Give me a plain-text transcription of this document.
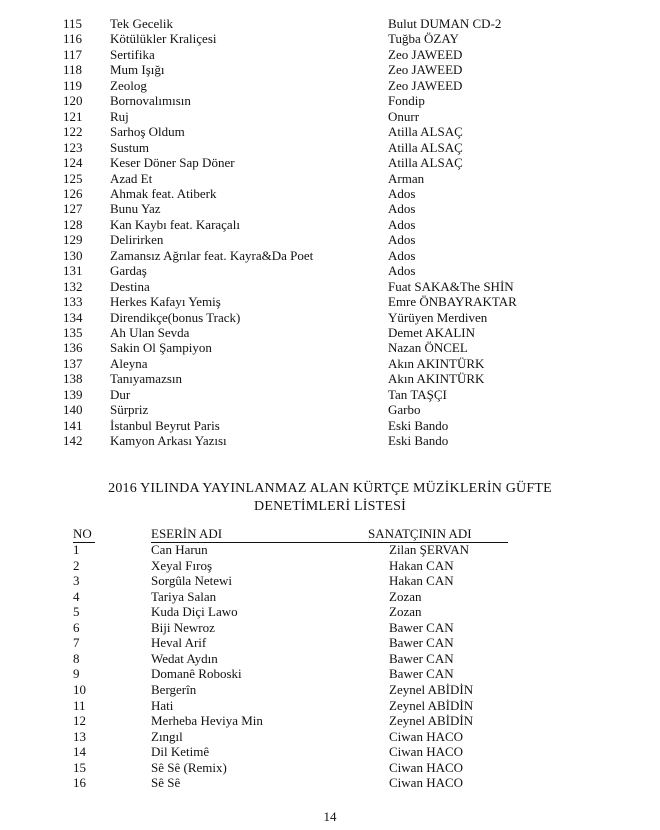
115 Tek Gecelik	Bulut DUMAN CD-2
116 Kötülükler Kraliçesi	Tuğba ÖZAY
117 Sertifika	Zeo JAWEED
118 Mum Işığı	Zeo JAWEED
119 Zeolog	Zeo JAWEED
120 Bornovalımısın	Fondip
121 Ruj	Onurr
122 Sarhoş Oldum	Atilla ALSAÇ
123 Sustum	Atilla ALSAÇ
124 Keser Döner Sap Döner	Atilla ALSAÇ
125 Azad Et	Arman
126 Ahmak feat. Atiberk	Ados
127 Bunu Yaz	Ados
128 Kan Kaybı feat. Karaçalı	Ados
129 Delirirken	Ados
130 Zamansız Ağrılar feat. Kayra&Da Poet	Ados
131 Gardaş	Ados
132 Destina	Fuat SAKA&The SHİN
133 Herkes Kafayı Yemiş	Emre ÖNBAYRAKTAR
134 Direndikçe(bonus Track)	Yürüyen Merdiven
135 Ah Ulan Sevda	Demet AKALIN
136 Sakin Ol Şampiyon	Nazan ÖNCEL
137 Aleyna	Akın AKINTÜRK
138 Tanıyamazsın	Akın AKINTÜRK
139 Dur	Tan TAŞÇI
140 Sürpriz	Garbo
141 İstanbul Beyrut Paris	Eski Bando
142 Kamyon Arkası Yazısı	Eski Bando
2016 YILINDA YAYINLANMAZ ALAN KÜRTÇE MÜZİKLERİN GÜFTE
DENETİMLERİ LİSTESİ
NO	ESERİN ADI	SANATÇININ ADI
1	Can Harun	Zilan ŞERVAN
2	Xeyal Fıroş	Hakan CAN
3	Sorgûla Netewi	Hakan CAN
4	Tariya Salan	Zozan
5	Kuda Diçi Lawo	Zozan
6	Biji Newroz	Bawer CAN
7	Heval Arif	Bawer CAN
8	Wedat Aydın	Bawer CAN
9	Domanê Roboski	Bawer CAN
10	Bergerîn	Zeynel ABİDİN
11	Hati	Zeynel ABİDİN
12	Merheba Heviya Min	Zeynel ABİDİN
13	Zıngıl	Ciwan HACO
14	Dil Ketimê	Ciwan HACO
15	Sê Sê (Remix)	Ciwan HACO
16	Sê Sê	Ciwan HACO
14
